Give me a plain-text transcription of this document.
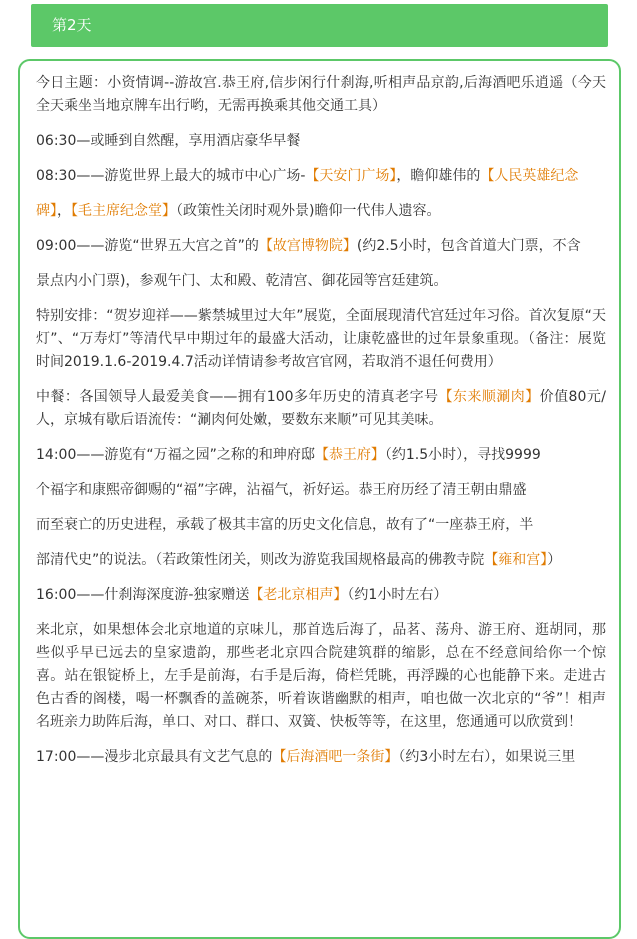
第2天

今日主题：小资情调--游故宫.恭王府,信步闲行什刹海,听相声品京韵,后海酒吧乐逍遥（今天全天乘坐当地京牌车出行哟，无需再换乘其他交通工具）

06:30—或睡到自然醒，享用酒店豪华早餐

08:30——游览世界上最大的城市中心广场-【天安门广场】，瞻仰雄伟的【人民英雄纪念

碑】，【毛主席纪念堂】（政策性关闭时观外景)瞻仰一代伟人遗容。

09:00——游览“世界五大宫之首”的【故宫博物院】(约2.5小时，包含首道大门票，不含

景点内小门票)，参观午门、太和殿、乾清宫、御花园等宫廷建筑。

特别安排：“贺岁迎祥——紫禁城里过大年”展览，全面展现清代宫廷过年习俗。首次复原“天灯”、“万寿灯”等清代早中期过年的最盛大活动，让康乾盛世的过年景象重现。（备注：展览时间2019.1.6-2019.4.7活动详情请参考故宫官网，若取消不退任何费用）

中餐：各国领导人最爱美食——拥有100多年历史的清真老字号【东来顺涮肉】价值80元/人，京城有歇后语流传：“涮肉何处嫩，要数东来顺”可见其美味。

14:00——游览有“万福之园”之称的和珅府邸【恭王府】（约1.5小时），寻找9999

个福字和康熙帝御赐的“福”字碑，沾福气，祈好运。恭王府历经了清王朝由鼎盛

而至衰亡的历史进程，承载了极其丰富的历史文化信息，故有了“一座恭王府，半

部清代史”的说法。（若政策性闭关，则改为游览我国规格最高的佛教寺院【雍和宫】）

16:00——什刹海深度游-独家赠送【老北京相声】（约1小时左右）

来北京，如果想体会北京地道的京味儿，那首选后海了，品茗、荡舟、游王府、逛胡同，那些似乎早已远去的皇家遗韵，那些老北京四合院建筑群的缩影，总在不经意间给你一个惊喜。站在银锭桥上，左手是前海，右手是后海，倚栏凭眺，再浮躁的心也能静下来。走进古色古香的阁楼，喝一杯飘香的盖碗茶，听着诙谐幽默的相声，咱也做一次北京的“爷”！相声名班亲力助阵后海，单口、对口、群口、双簧、快板等等，在这里，您通通可以欣赏到！

17:00——漫步北京最具有文艺气息的【后海酒吧一条街】（约3小时左右），如果说三里
